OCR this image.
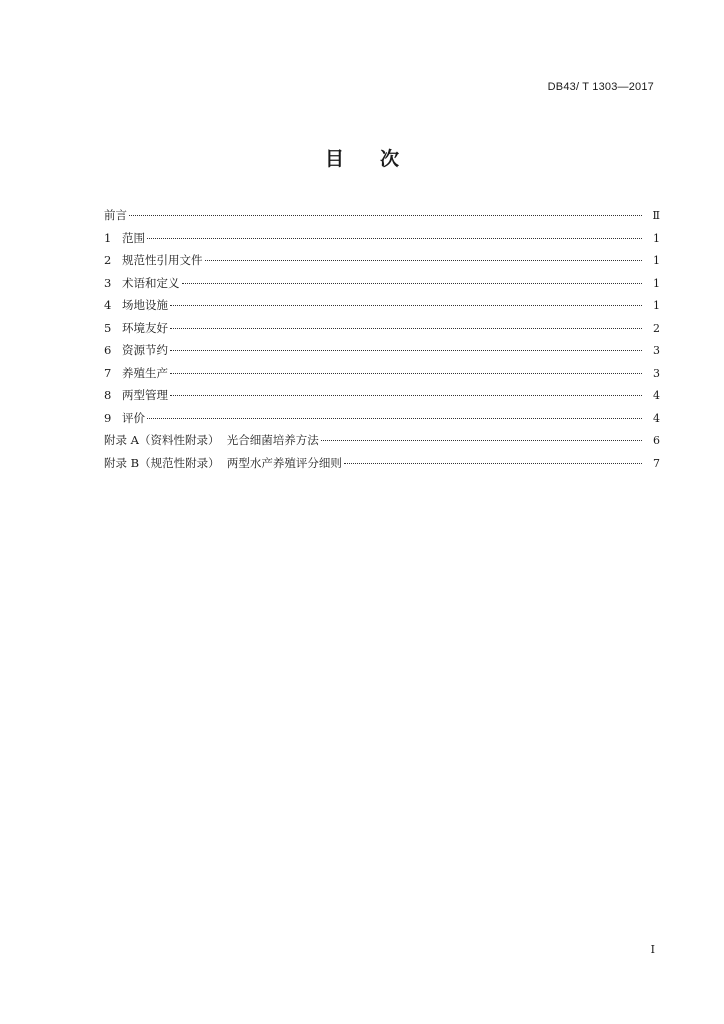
DB43/ T 1303—2017
目次
前言	Ⅱ
1 范围	1
2 规范性引用文件	1
3 术语和定义	1
4 场地设施	1
5 环境友好	2
6 资源节约	3
7 养殖生产	3
8 两型管理	4
9 评价	4
附录 A（资料性附录）  光合细菌培养方法	6
附录 B（规范性附录）  两型水产养殖评分细则	7
I
